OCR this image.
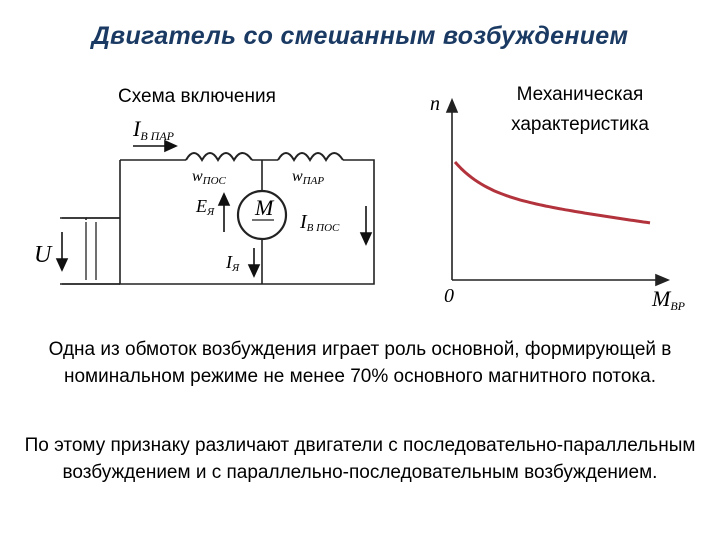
Двигатель со смешанным возбуждением
Схема включения
IВ ПАР
wПОС	wПАР
M
EЯ	IВ ПОС
IЯ
U
Механическая характеристика
n
0	MВР
Одна из обмоток возбуждения играет роль основной, формирующей в номинальном режиме не менее 70% основного магнитного потока.
По этому признаку различают двигатели с последовательно-параллельным возбуждением и с параллельно-последовательным возбуждением.
